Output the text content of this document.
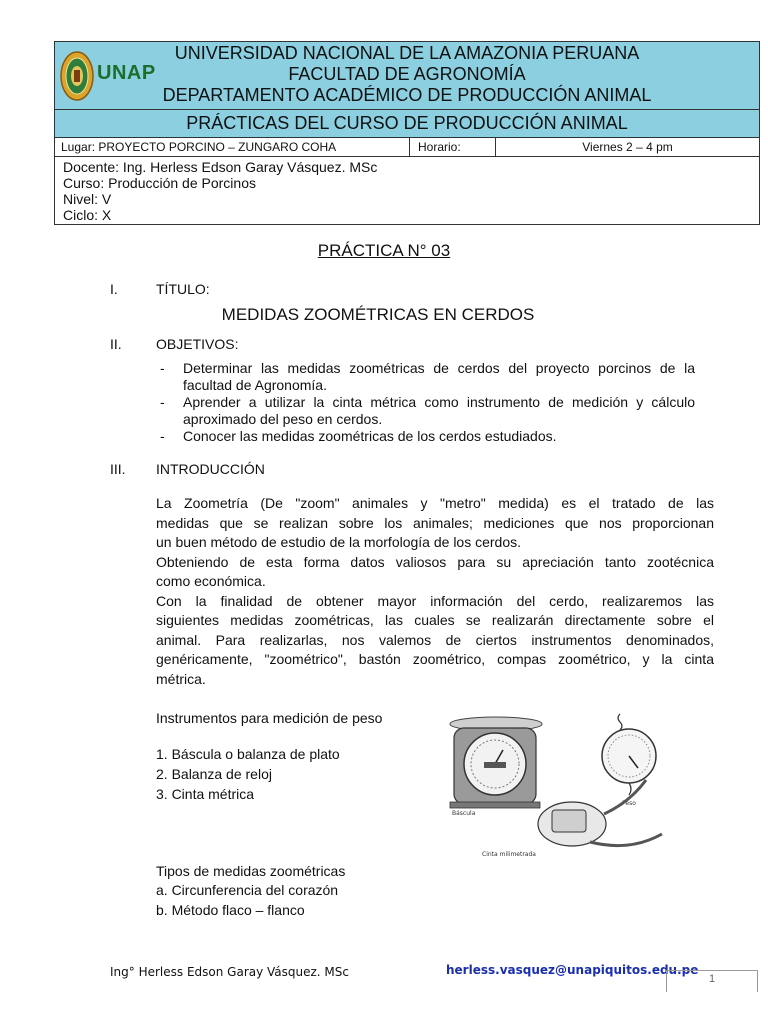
UNAP
UNIVERSIDAD NACIONAL DE LA AMAZONIA PERUANA
FACULTAD DE AGRONOMÍA
DEPARTAMENTO ACADÉMICO DE PRODUCCIÓN ANIMAL
PRÁCTICAS DEL CURSO DE PRODUCCIÓN ANIMAL
Lugar: PROYECTO PORCINO – ZUNGARO COHA	Horario:	Viernes 2 – 4 pm
Docente: Ing. Herless Edson Garay Vásquez. MSc
Curso: Producción de Porcinos
Nivel: V
Ciclo: X
PRÁCTICA N° 03
I.	TÍTULO:
MEDIDAS ZOOMÉTRICAS EN CERDOS
II. OBJETIVOS:
- Determinar las medidas zoométricas de cerdos del proyecto porcinos de la facultad de Agronomía.
- Aprender a utilizar la cinta métrica como instrumento de medición y cálculo aproximado del peso en cerdos.
- Conocer las medidas zoométricas de los cerdos estudiados.
III. INTRODUCCIÓN
La Zoometría (De "zoom" animales y "metro" medida) es el tratado de las
medidas que se realizan sobre los animales; mediciones que nos proporcionan
un buen método de estudio de la morfología de los cerdos.
Obteniendo de esta forma datos valiosos para su apreciación tanto zootécnica
como económica.
Con la finalidad de obtener mayor información del cerdo, realizaremos las
siguientes medidas zoométricas, las cuales se realizarán directamente sobre el
animal. Para realizarlas, nos valemos de ciertos instrumentos denominados,
genéricamente, "zoométrico", bastón zoométrico, compas zoométrico, y la cinta
métrica.
Instrumentos para medición de peso
1. Báscula o balanza de plato
2. Balanza de reloj
3. Cinta métrica
Báscula
Peso
Cinta milimetrada
Tipos de medidas zoométricas
a. Circunferencia del corazón
b. Método flaco – flanco
Ing° Herless Edson Garay Vásquez. MSc	herless.vasquez@unapiquitos.edu.pe
1
